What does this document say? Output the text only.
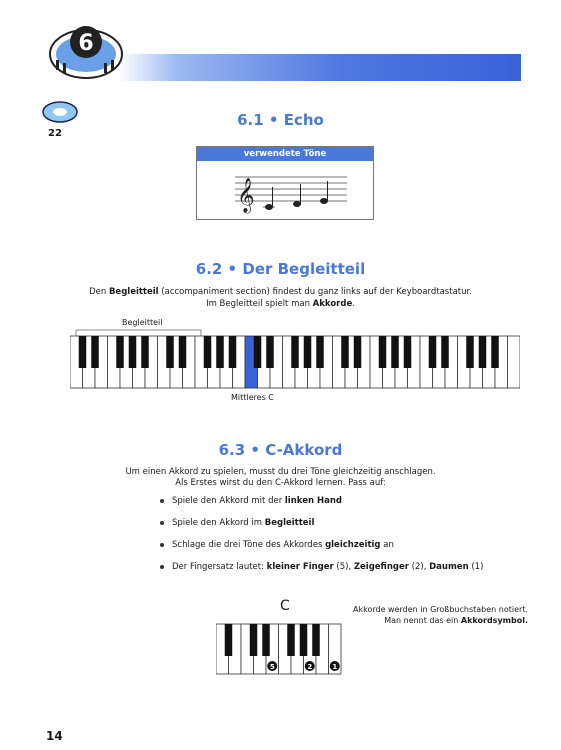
6
22
6.1 • Echo
verwendete Töne
𝄞
6.2 • Der Begleitteil
Den Begleitteil (accompaniment section) findest du ganz links auf der Keyboardtastatur.
Im Begleitteil spielt man Akkorde.
Begleitteil
Mittleres C
6.3 • C-Akkord
Um einen Akkord zu spielen, musst du drei Töne gleichzeitig anschlagen.
Als Erstes wirst du den C-Akkord lernen. Pass auf:
Spiele den Akkord mit der linken Hand
Spiele den Akkord im Begleitteil
Schlage die drei Töne des Akkordes gleichzeitig an
Der Fingersatz lautet: kleiner Finger (5), Zeigefinger (2), Daumen (1)
C	Akkorde werden in Großbuchstaben notiert.
Man nennt das ein Akkordsymbol.
5	2	1
14
